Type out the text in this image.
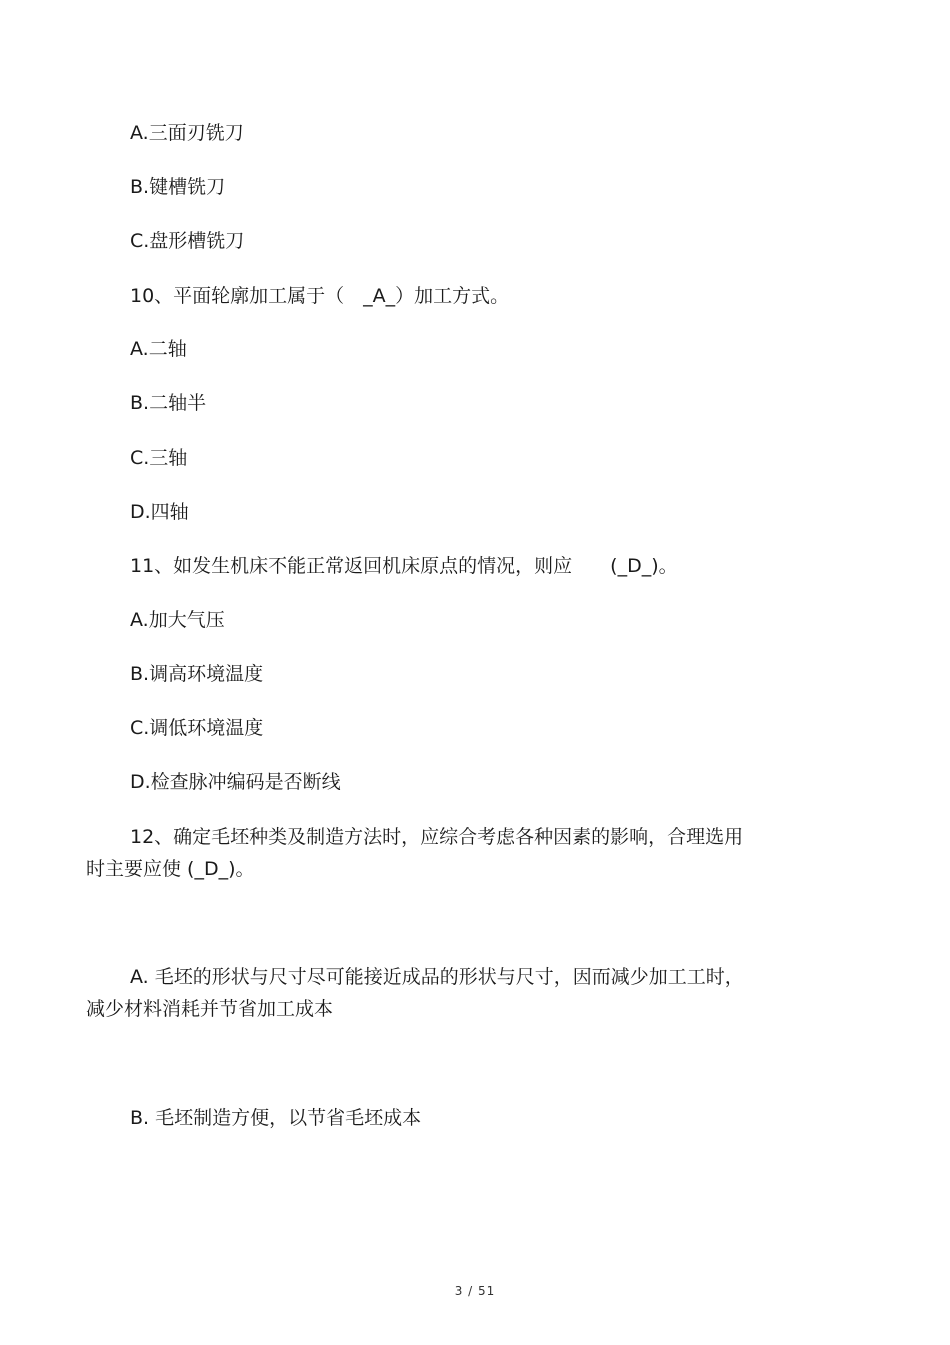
A.三面刃铣刀

B.键槽铣刀

C.盘形槽铣刀

10、平面轮廓加工属于（　_A_）加工方式。

A.二轴

B.二轴半

C.三轴

D.四轴

11、如发生机床不能正常返回机床原点的情况，则应　　(_D_)。

A.加大气压

B.调高环境温度

C.调低环境温度

D.检查脉冲编码是否断线

12、确定毛坯种类及制造方法时，应综合考虑各种因素的影响，合理选用

时主要应使 (_D_)。

A. 毛坯的形状与尺寸尽可能接近成品的形状与尺寸，因而减少加工工时，

减少材料消耗并节省加工成本

B. 毛坯制造方便，以节省毛坯成本

3 / 51
